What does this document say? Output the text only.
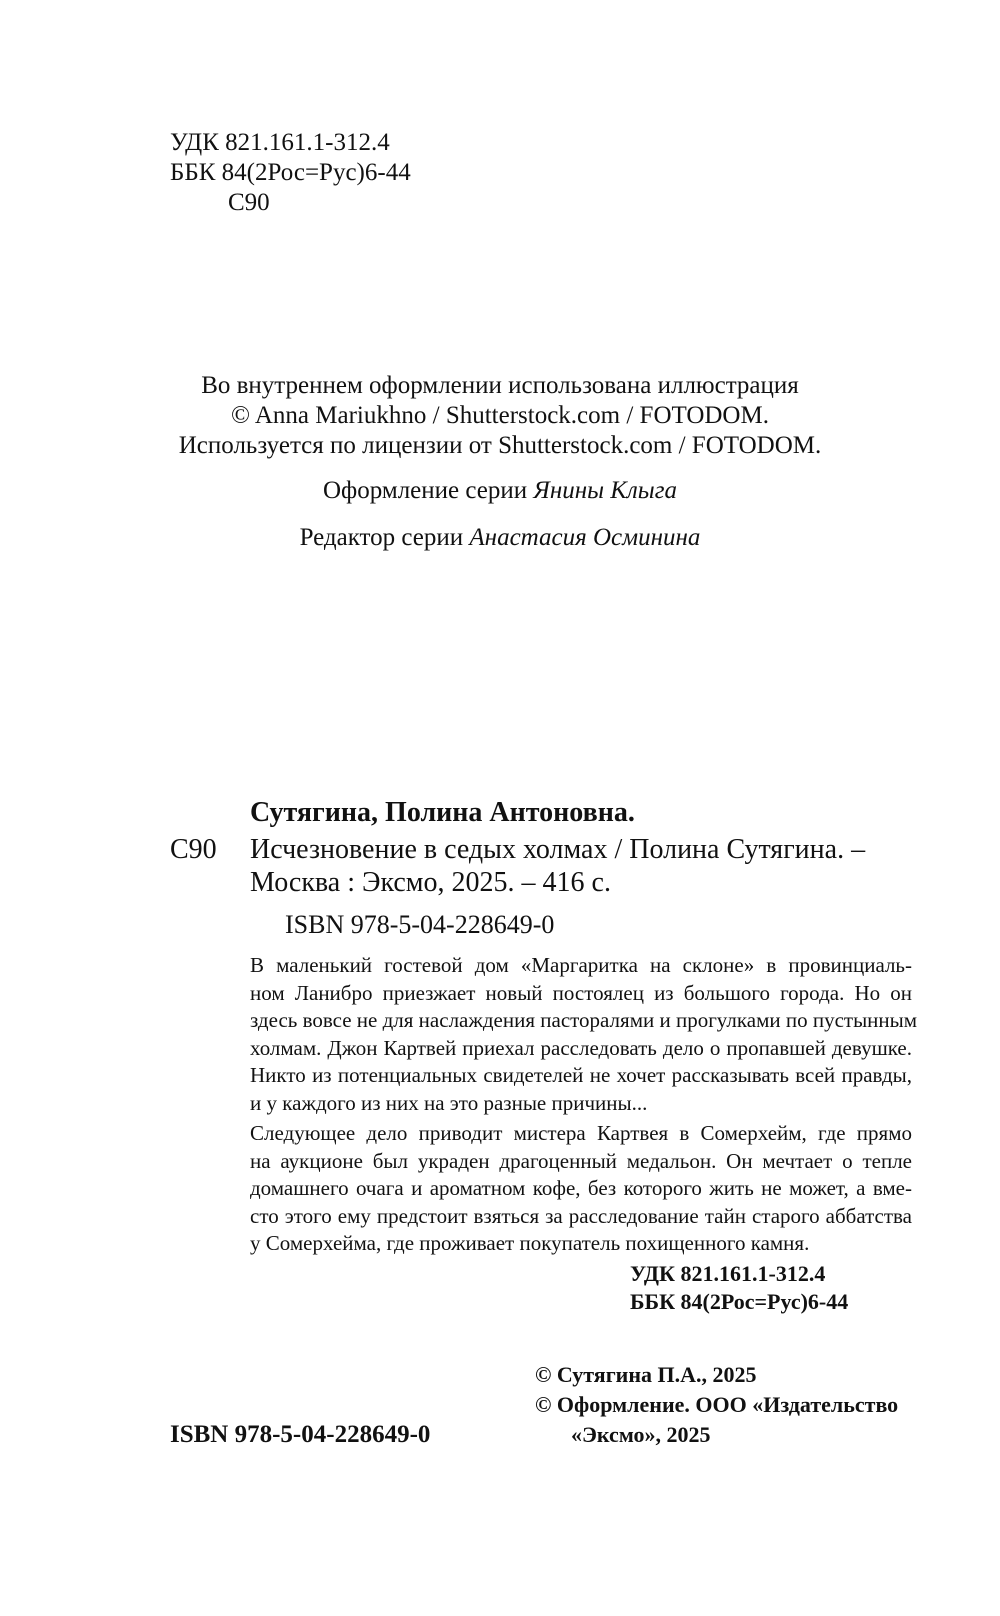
УДК 821.161.1-312.4
ББК 84(2Рос=Рус)6-44
С90
Во внутреннем оформлении использована иллюстрация
© Anna Mariukhno / Shutterstock.com / FOTODOM.
Используется по лицензии от Shutterstock.com / FOTODOM.
Оформление серии Янины Клыга
Редактор серии Анастасия Осминина
Сутягина, Полина Антоновна.
С90 Исчезновение в седых холмах / Полина Сутягина. –
Москва : Эксмо, 2025. – 416 с.
ISBN 978-5-04-228649-0
В маленький гостевой дом «Маргаритка на склоне» в провинциаль-
ном Ланибро приезжает новый постоялец из большого города. Но он
здесь вовсе не для наслаждения пасторалями и прогулками по пустынным
холмам. Джон Картвей приехал расследовать дело о пропавшей девушке.
Никто из потенциальных свидетелей не хочет рассказывать всей правды,
и у каждого из них на это разные причины...
Следующее дело приводит мистера Картвея в Сомерхейм, где прямо
на аукционе был украден драгоценный медальон. Он мечтает о тепле
домашнего очага и ароматном кофе, без которого жить не может, а вме-
сто этого ему предстоит взяться за расследование тайн старого аббатства
у Сомерхейма, где проживает покупатель похищенного камня.
УДК 821.161.1-312.4
ББК 84(2Рос=Рус)6-44
© Сутягина П.А., 2025
© Оформление. ООО «Издательство
«Эксмо», 2025
ISBN 978-5-04-228649-0
